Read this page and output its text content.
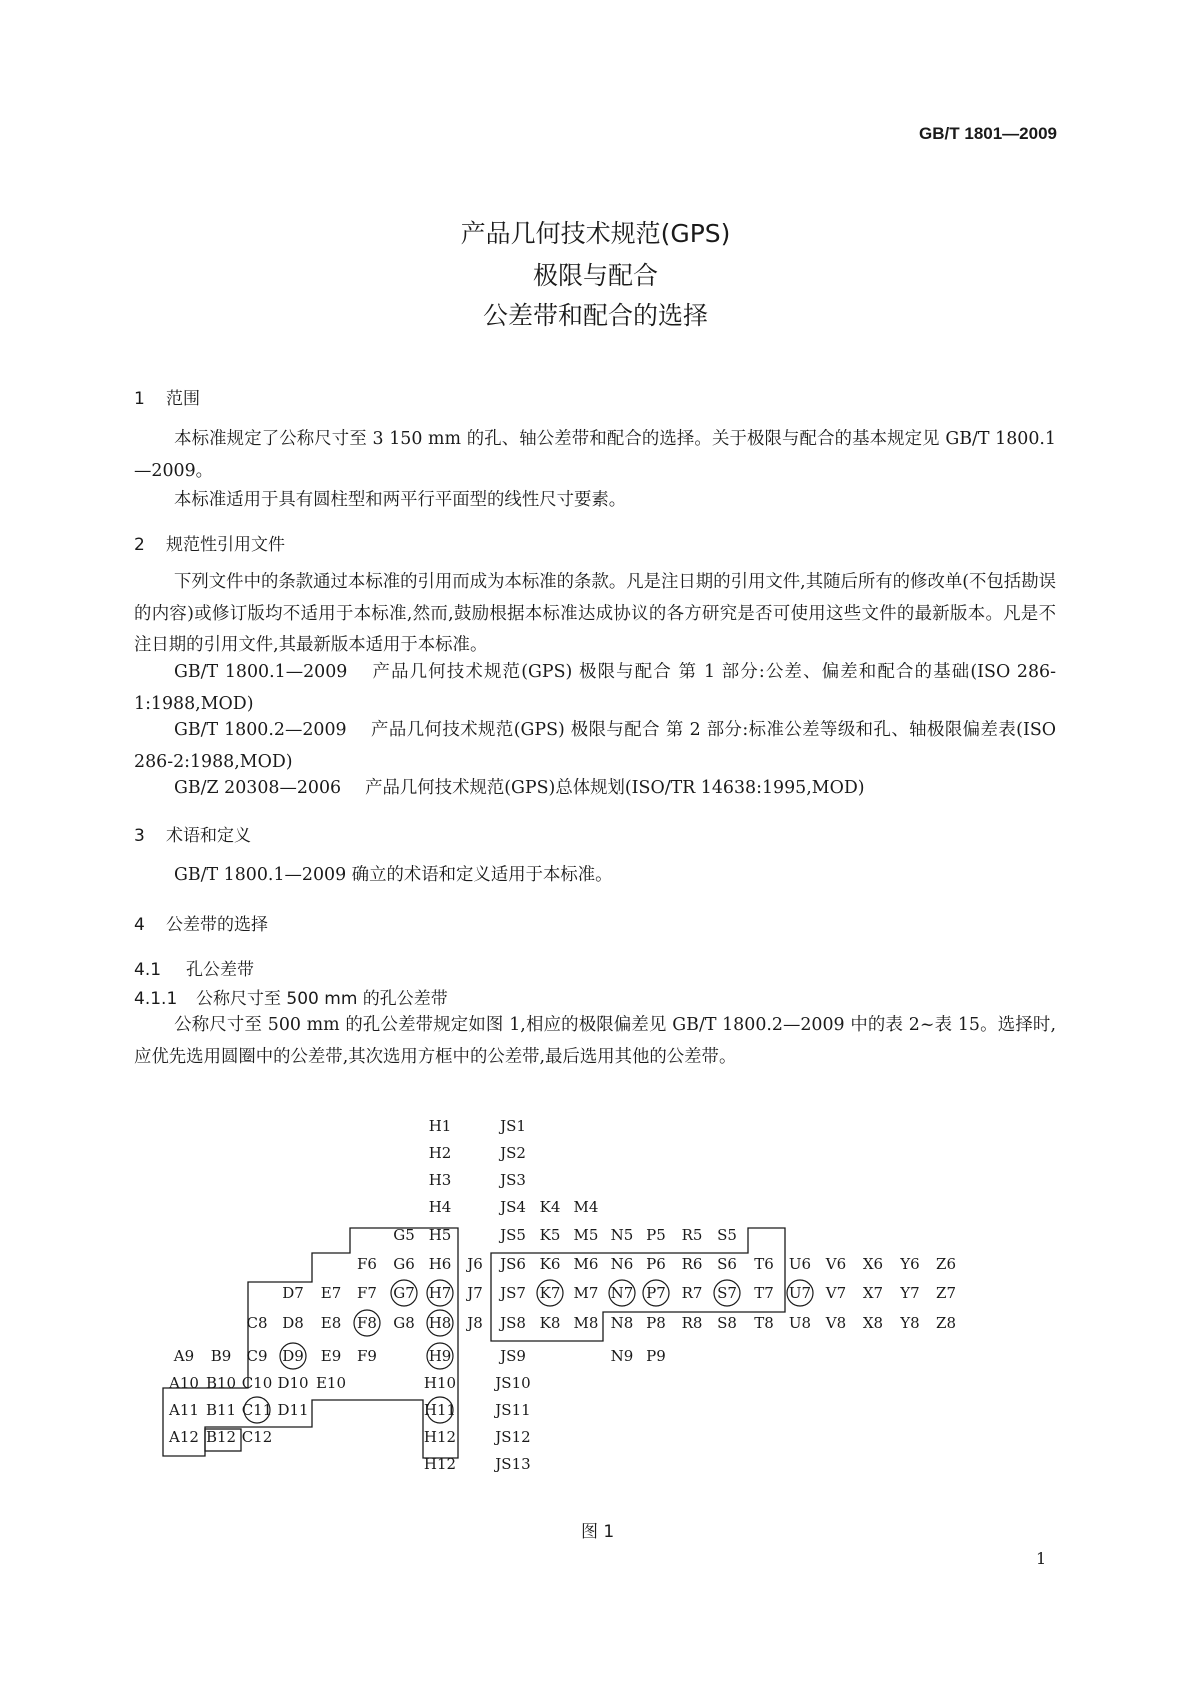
GB/T 1801—2009
产品几何技术规范(GPS)
极限与配合
公差带和配合的选择
1 范围
本标准规定了公称尺寸至 3 150 mm 的孔、轴公差带和配合的选择。关于极限与配合的基本规定见 GB/T 1800.1—2009。
本标准适用于具有圆柱型和两平行平面型的线性尺寸要素。
2 规范性引用文件
下列文件中的条款通过本标准的引用而成为本标准的条款。凡是注日期的引用文件,其随后所有的修改单(不包括勘误的内容)或修订版均不适用于本标准,然而,鼓励根据本标准达成协议的各方研究是否可使用这些文件的最新版本。凡是不注日期的引用文件,其最新版本适用于本标准。
GB/T 1800.1—2009 产品几何技术规范(GPS) 极限与配合 第 1 部分:公差、偏差和配合的基础(ISO 286-1:1988,MOD)
GB/T 1800.2—2009 产品几何技术规范(GPS) 极限与配合 第 2 部分:标准公差等级和孔、轴极限偏差表(ISO 286-2:1988,MOD)
GB/Z 20308—2006 产品几何技术规范(GPS)总体规划(ISO/TR 14638:1995,MOD)
3 术语和定义
GB/T 1800.1—2009 确立的术语和定义适用于本标准。
4 公差带的选择
4.1 孔公差带
4.1.1 公称尺寸至 500 mm 的孔公差带
公称尺寸至 500 mm 的孔公差带规定如图 1,相应的极限偏差见 GB/T 1800.2—2009 中的表 2~表 15。选择时,应优先选用圆圈中的公差带,其次选用方框中的公差带,最后选用其他的公差带。
H1	JS1
H2	JS2
H3	JS3
H4	JS4 K4 M4
G5 H5	JS5 K5 M5 N5 P5 R5 S5
F6 G6 H6 J6 JS6 K6 M6 N6 P6 R6 S6 T6 U6 V6 X6 Y6 Z6
D7 E7 F7 G7 H7 J7 JS7 K7 M7 N7 P7 R7 S7 T7 U7 V7 X7 Y7 Z7
C8 D8 E8 F8 G8 H8 J8 JS8 K8 M8 N8 P8 R8 S8 T8 U8 V8 X8 Y8 Z8
A9 B9 C9 D9 E9 F9	H9	JS9	N9 P9
A10 B10 C10 D10 E10	H10	JS10
A11 B11 C11 D11	H11	JS11
A12 B12 C12	H12	JS12
H12	JS13
图 1
1
